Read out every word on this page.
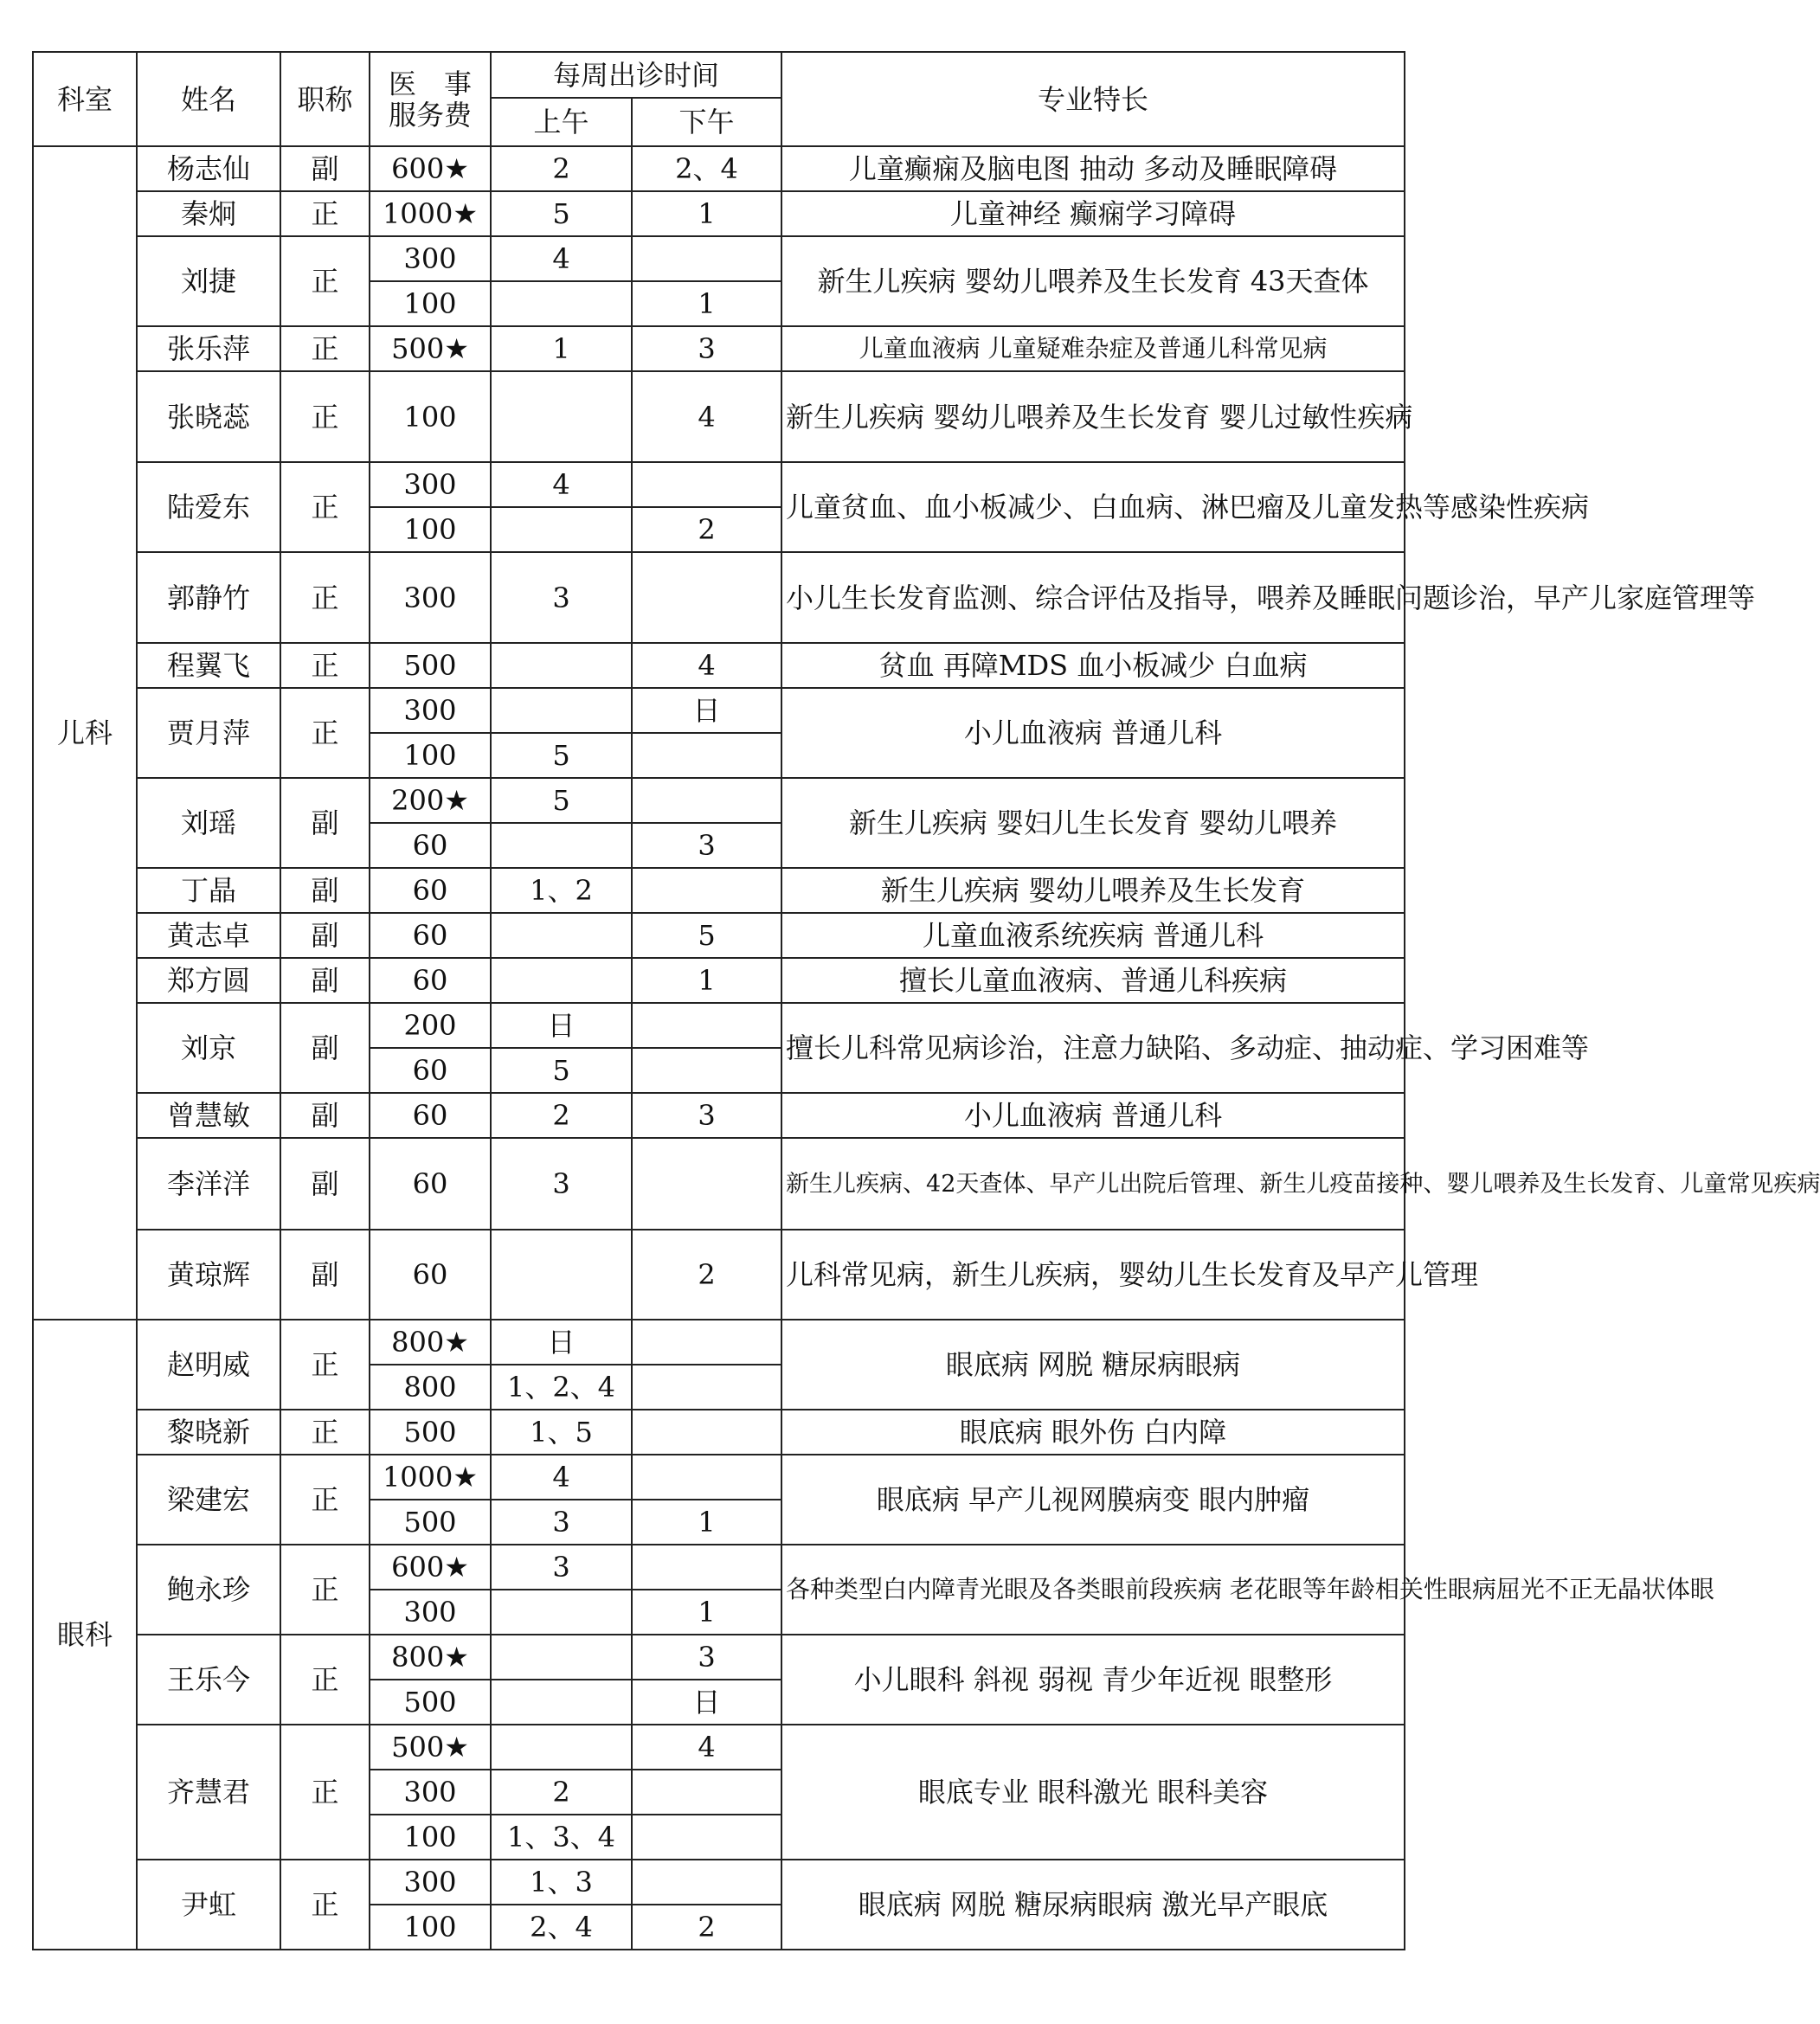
科室	姓名	职称	医　事
服务费	每周出诊时间		专业特长
				上午	下午	
儿科	杨志仙	副	600★	2	2、4	儿童癫痫及脑电图 抽动 多动及睡眠障碍
	秦炯	正	1000★	5	1	儿童神经 癫痫学习障碍
	刘捷	正	300	4		新生儿疾病 婴幼儿喂养及生长发育 43天查体
			100		1	
	张乐萍	正	500★	1	3	儿童血液病 儿童疑难杂症及普通儿科常见病
	张晓蕊	正	100		4	新生儿疾病 婴幼儿喂养及生长发育 婴儿过敏性疾病
	陆爱东	正	300	4		儿童贫血、血小板减少、白血病、淋巴瘤及儿童发热等感染性疾病
			100		2	
	郭静竹	正	300	3		小儿生长发育监测、综合评估及指导，喂养及睡眠问题诊治，早产儿家庭管理等
	程翼飞	正	500		4	贫血 再障MDS 血小板减少 白血病
	贾月萍	正	300		日	小儿血液病 普通儿科
			100	5		
	刘瑶	副	200★	5		新生儿疾病 婴妇儿生长发育 婴幼儿喂养
			60		3	
	丁晶	副	60	1、2		新生儿疾病 婴幼儿喂养及生长发育
	黄志卓	副	60		5	儿童血液系统疾病 普通儿科
	郑方圆	副	60		1	擅长儿童血液病、普通儿科疾病
	刘京	副	200	日		擅长儿科常见病诊治，注意力缺陷、多动症、抽动症、学习困难等
			60	5		
	曾慧敏	副	60	2	3	小儿血液病 普通儿科
	李洋洋	副	60	3		新生儿疾病、42天查体、早产儿出院后管理、新生儿疫苗接种、婴儿喂养及生长发育、儿童常见疾病
	黄琼辉	副	60		2	儿科常见病，新生儿疾病，婴幼儿生长发育及早产儿管理
眼科	赵明威	正	800★	日		眼底病 网脱 糖尿病眼病
			800	1、2、4		
	黎晓新	正	500	1、5		眼底病 眼外伤 白内障
	梁建宏	正	1000★	4		眼底病 早产儿视网膜病变 眼内肿瘤
			500	3	1	
	鲍永珍	正	600★	3		各种类型白内障青光眼及各类眼前段疾病 老花眼等年龄相关性眼病屈光不正无晶状体眼
			300		1	
	王乐今	正	800★		3	小儿眼科 斜视 弱视 青少年近视 眼整形
			500		日	
	齐慧君	正	500★		4	眼底专业 眼科激光 眼科美容
			300	2		
			100	1、3、4		
	尹虹	正	300	1、3		眼底病 网脱 糖尿病眼病 激光早产眼底
			100	2、4	2	
